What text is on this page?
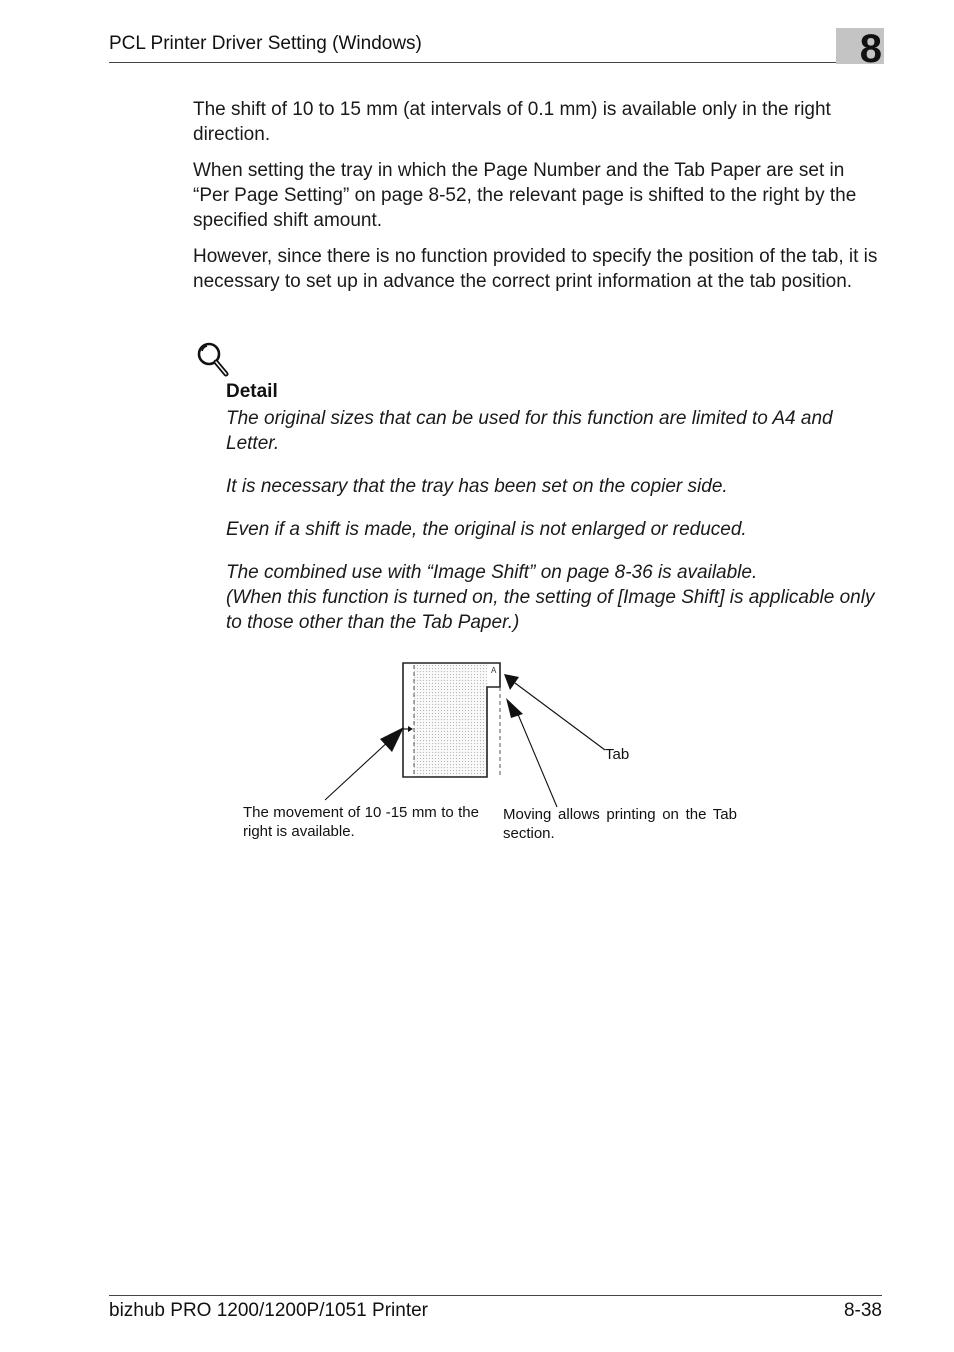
PCL Printer Driver Setting (Windows)	8

The shift of 10 to 15 mm (at intervals of 0.1 mm) is available only in the right direction.

When setting the tray in which the Page Number and the Tab Paper are set in “Per Page Setting” on page 8-52, the relevant page is shifted to the right by the specified shift amount.

However, since there is no function provided to specify the position of the tab, it is necessary to set up in advance the correct print information at the tab position.

Detail

The original sizes that can be used for this function are limited to A4 and Letter.

It is necessary that the tray has been set on the copier side.

Even if a shift is made, the original is not enlarged or reduced.

The combined use with “Image Shift” on page 8-36 is available.

(When this function is turned on, the setting of [Image Shift] is applicable only to those other than the Tab Paper.)

A
Tab
The movement of 10 -15 mm to the right is available.
Moving allows printing on the Tab section.
bizhub PRO 1200/1200P/1051 Printer	8-38
